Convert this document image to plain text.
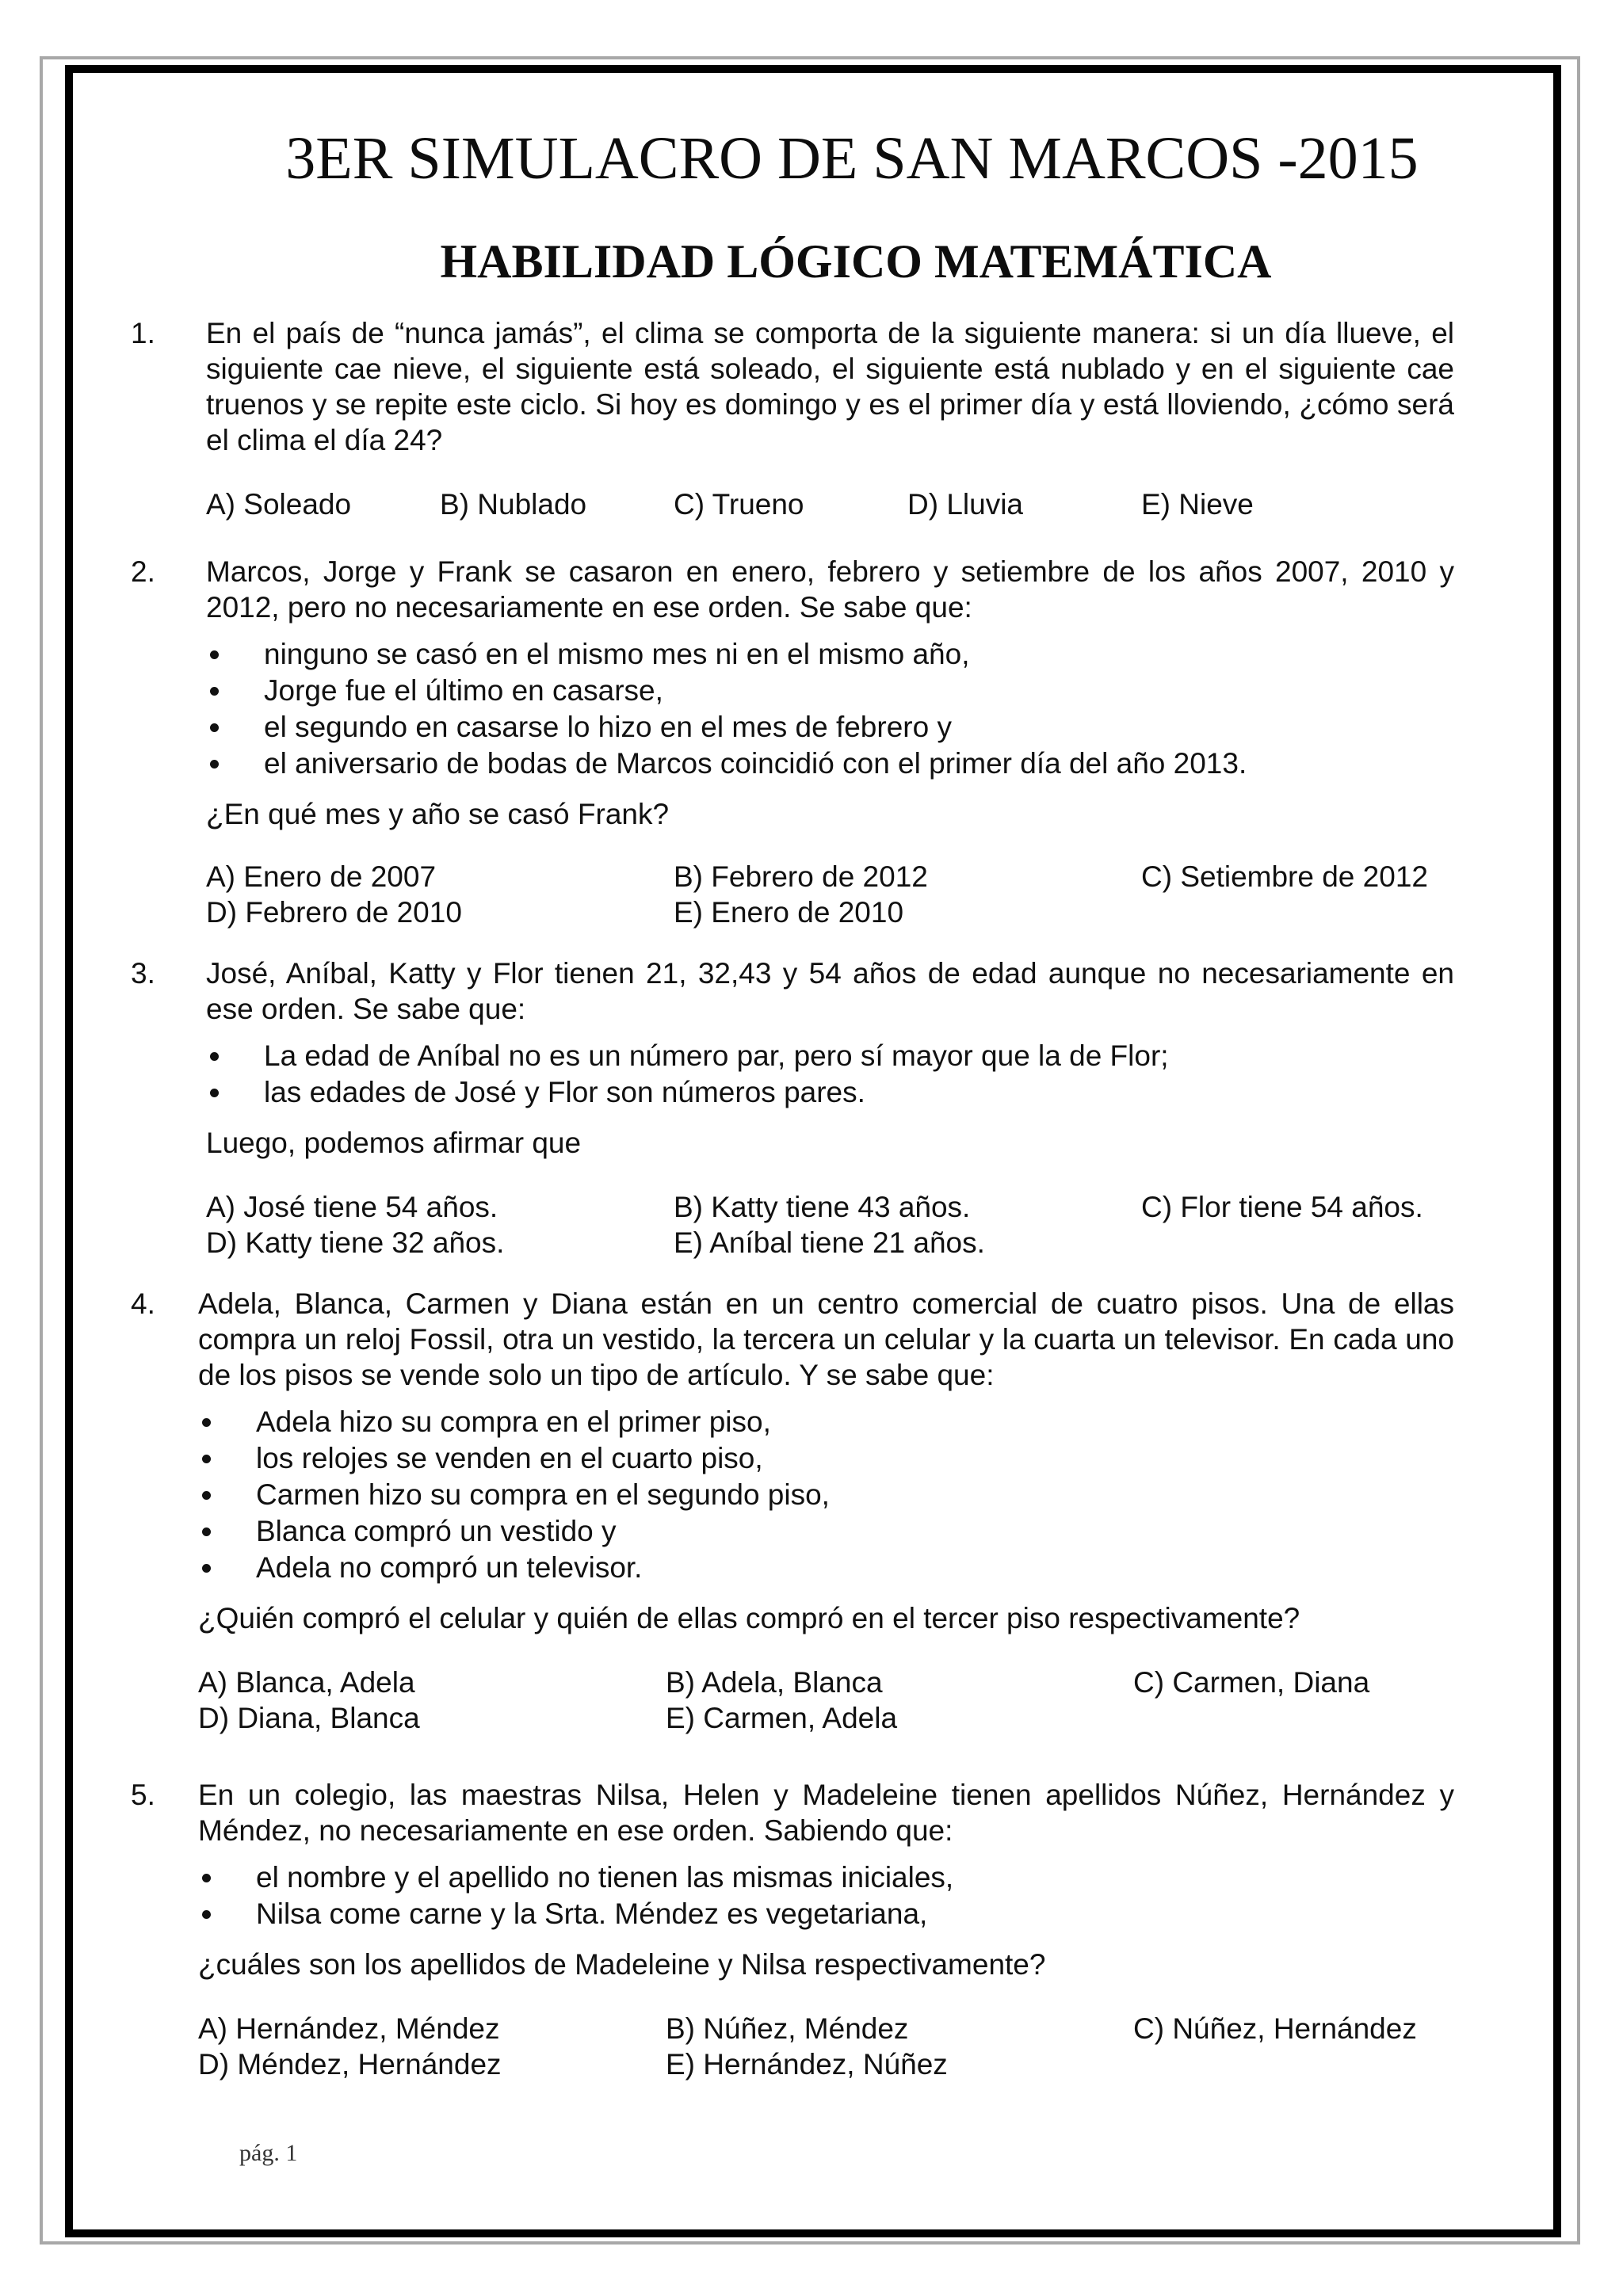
3ER SIMULACRO DE SAN MARCOS -2015
HABILIDAD LÓGICO MATEMÁTICA
1.	En el país de “nunca jamás”, el clima se comporta de la siguiente manera: si un día llueve, el siguiente cae nieve, el siguiente está soleado, el siguiente está nublado y en el siguiente cae truenos y se repite este ciclo. Si hoy es domingo y es el primer día y está lloviendo, ¿cómo será el clima el día 24?

A) Soleado	B) Nublado	C) Trueno	D) Lluvia	E) Nieve
2.	Marcos, Jorge y Frank se casaron en enero, febrero y setiembre de los años 2007, 2010 y 2012, pero no necesariamente en ese orden. Se sabe que:

ninguno se casó en el mismo mes ni en el mismo año,
Jorge fue el último en casarse,
el segundo en casarse lo hizo en el mes de febrero y
el aniversario de bodas de Marcos coincidió con el primer día del año 2013.

¿En qué mes y año se casó Frank?

A) Enero de 2007	B) Febrero de 2012	C) Setiembre de 2012
D) Febrero de 2010	E) Enero de 2010
3.	José, Aníbal, Katty y Flor tienen 21, 32,43 y 54 años de edad aunque no necesariamente en ese orden. Se sabe que:

La edad de Aníbal no es un número par, pero sí mayor que la de Flor;
las edades de José y Flor son números pares.

Luego, podemos afirmar que

A) José tiene 54 años.	B) Katty tiene 43 años.	C) Flor tiene 54 años.
D) Katty tiene 32 años.	E) Aníbal tiene 21 años.
4.	Adela, Blanca, Carmen y Diana están en un centro comercial de cuatro pisos. Una de ellas compra un reloj Fossil, otra un vestido, la tercera un celular y la cuarta un televisor. En cada uno de los pisos se vende solo un tipo de artículo. Y se sabe que:

Adela hizo su compra en el primer piso,
los relojes se venden en el cuarto piso,
Carmen hizo su compra en el segundo piso,
Blanca compró un vestido y
Adela no compró un televisor.

¿Quién compró el celular y quién de ellas compró en el tercer piso respectivamente?

A) Blanca, Adela	B) Adela, Blanca	C) Carmen, Diana
D) Diana, Blanca	E) Carmen, Adela
5.	En un colegio, las maestras Nilsa, Helen y Madeleine tienen apellidos Núñez, Hernández y Méndez, no necesariamente en ese orden. Sabiendo que:

el nombre y el apellido no tienen las mismas iniciales,
Nilsa come carne y la Srta. Méndez es vegetariana,

¿cuáles son los apellidos de Madeleine y Nilsa respectivamente?

A) Hernández, Méndez	B) Núñez, Méndez	C) Núñez, Hernández
D) Méndez, Hernández	E) Hernández, Núñez
pág. 1
